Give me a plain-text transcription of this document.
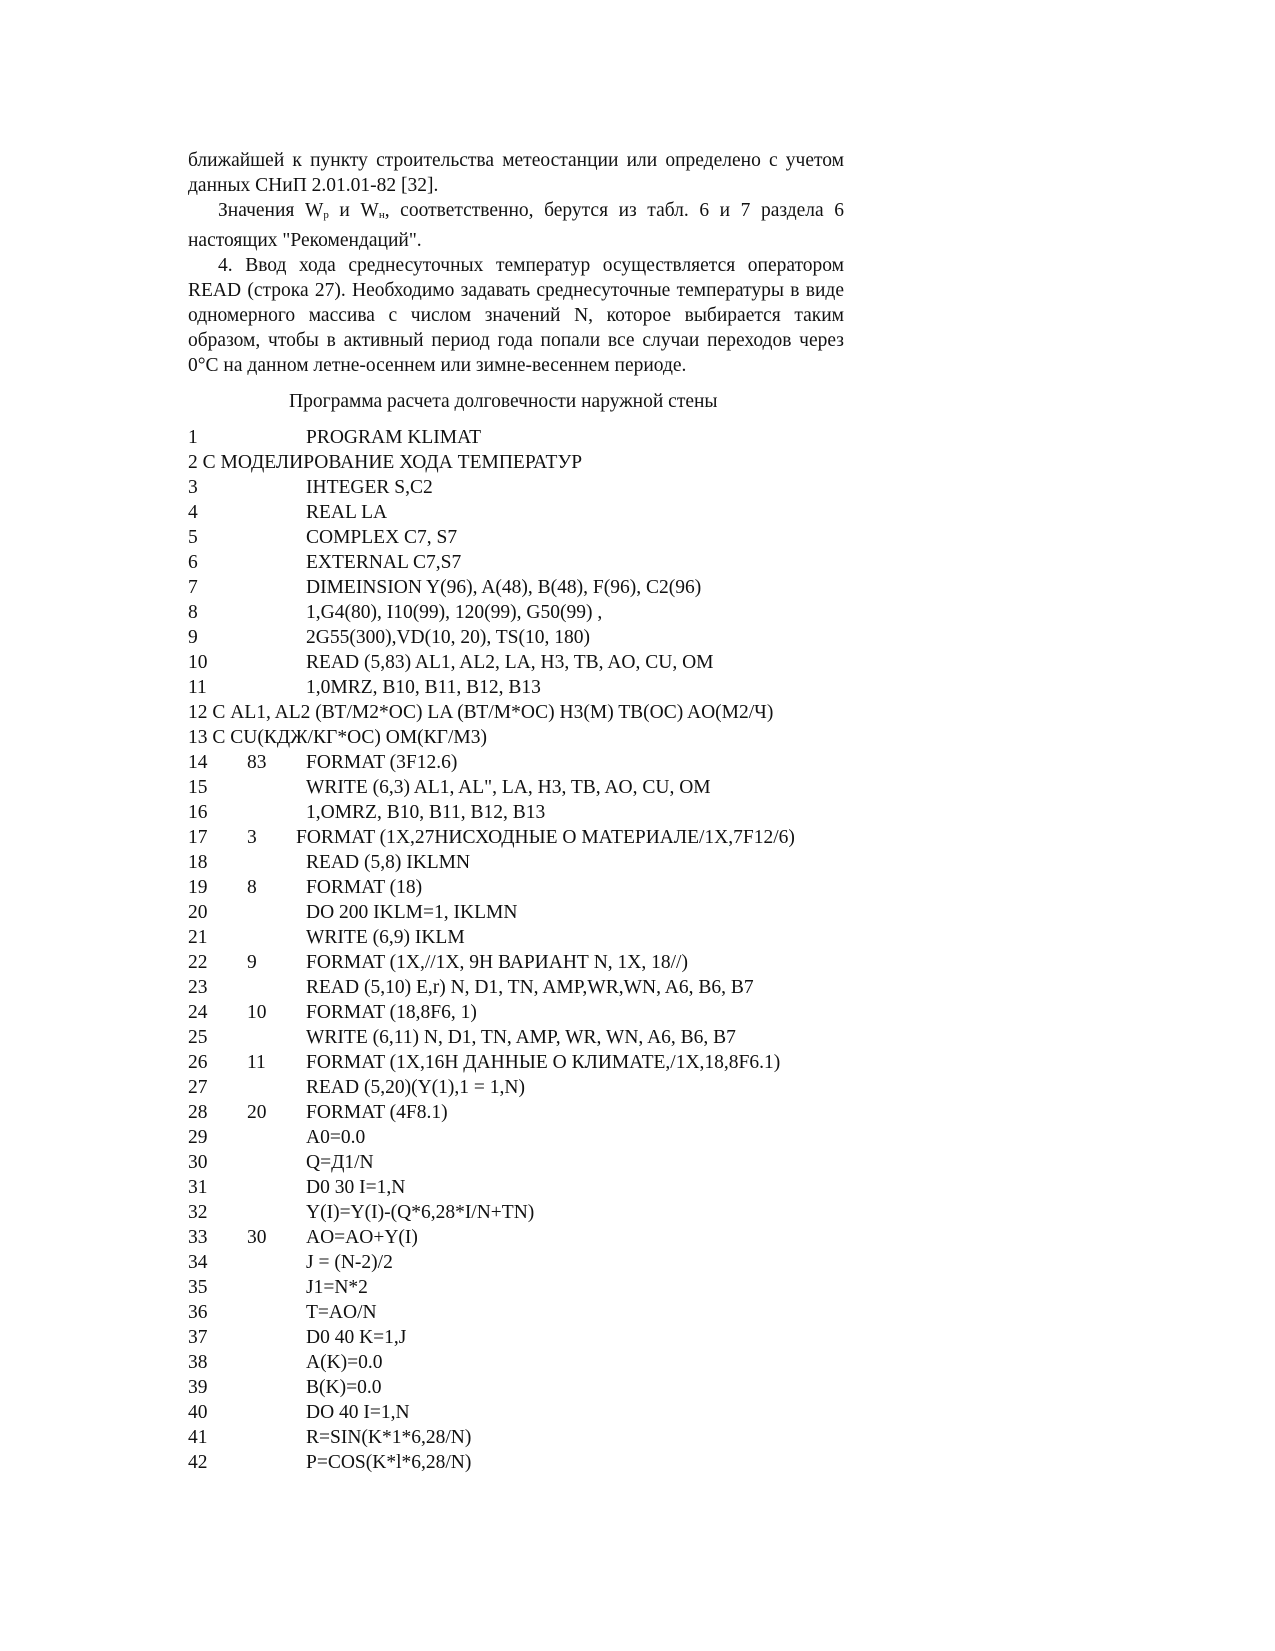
ближайшей к пункту строительства метеостанции или определено с учетом данных СНиП 2.01.01-82 [32].

Значения $W_р$ и $W_н$, соответственно, берутся из табл. 6 и 7 раздела 6 настоящих "Рекомендаций".

4. Ввод хода среднесуточных температур осуществляется оператором READ (строка 27). Необходимо задавать среднесуточные температуры в виде одномерного массива с числом значений N, которое выбирается таким образом, чтобы в активный период года попали все случаи переходов через 0°С на данном летне-осеннем или зимне-весеннем периоде.

Программа расчета долговечности наружной стены

1	PROGRAM KLIMAT
2 С МОДЕЛИРОВАНИЕ ХОДА ТЕМПЕРАТУР
3	IHTEGER S,C2
4	REAL LA
5	COMPLEX C7, S7
6	EXTERNAL C7,S7
7	DIMEINSION Y(96), A(48), B(48), F(96), C2(96)
8	1,G4(80), I10(99), 120(99), G50(99) ,
9	2G55(300),VD(10, 20), TS(10, 180)
10	READ (5,83) AL1, AL2, LA, H3, TB, AO, CU, OM
11	1,0MRZ, B10, B11, B12, B13
12 С AL1, AL2 (ВТ/М2*ОС) LA (ВТ/М*ОС) H3(M) TB(OC) AO(M2/Ч)
13 С CU(КДЖ/КГ*ОС) ОМ(КГ/М3)
14 83 FORMAT (3F12.6)
15	WRITE (6,3) AL1, AL", LA, H3, TB, AO, CU, OM
16	1,OMRZ, B10, B11, B12, B13
17 3 FORMAT (1X,27НИСХОДНЫЕ О МАТЕРИАЛЕ/1X,7F12/6)
18	READ (5,8) IKLMN
19 8	FORMAT (18)
20	DO 200 IKLM=1, IKLMN
21	WRITE (6,9) IKLM
22 9	FORMAT (1X,//1X, 9H ВАРИАНТ N, 1X, 18//)
23	READ (5,10) E,r) N, D1, TN, AMP,WR,WN, A6, B6, B7
24 10 FORMAT (18,8F6, 1)
25	WRITE (6,11) N, D1, TN, AMP, WR, WN, A6, B6, B7
26 11 FORMAT (1X,16H ДАННЫЕ О КЛИМАТЕ,/1X,18,8F6.1)
27	READ (5,20)(Y(1),1 = 1,N)
28 20 FORMAT (4F8.1)
29	A0=0.0
30	Q=Д1/N
31	D0 30 I=1,N
32	Y(I)=Y(I)-(Q*6,28*I/N+TN)
33 30 AO=AO+Y(I)
34	J = (N-2)/2
35	J1=N*2
36	T=AO/N
37	D0 40 K=1,J
38	A(K)=0.0
39	B(K)=0.0
40	DO 40 I=1,N
41	R=SIN(K*1*6,28/N)
42	P=COS(K*l*6,28/N)
